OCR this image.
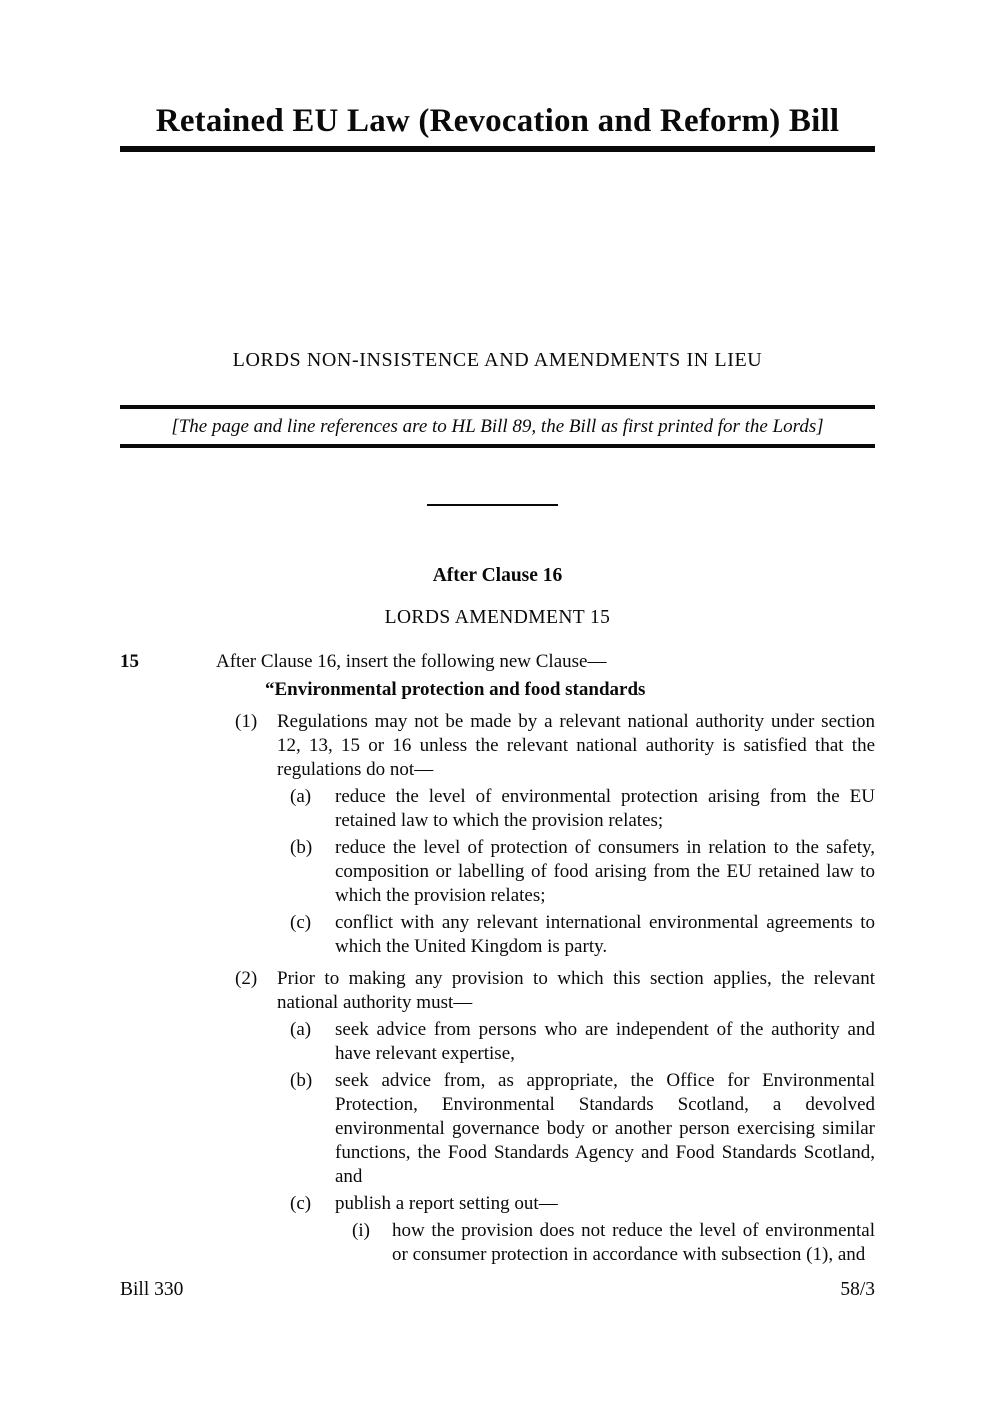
Retained EU Law (Revocation and Reform) Bill
LORDS NON-INSISTENCE AND AMENDMENTS IN LIEU
[The page and line references are to HL Bill 89, the Bill as first printed for the Lords]
After Clause 16
LORDS AMENDMENT 15
15	After Clause 16, insert the following new Clause—

“Environmental protection and food standards
(1) Regulations may not be made by a relevant national authority under section 12, 13, 15 or 16 unless the relevant national authority is satisfied that the regulations do not—
(a) reduce the level of environmental protection arising from the EU retained law to which the provision relates;
(b) reduce the level of protection of consumers in relation to the safety, composition or labelling of food arising from the EU retained law to which the provision relates;
(c) conflict with any relevant international environmental agreements to which the United Kingdom is party.
(2) Prior to making any provision to which this section applies, the relevant national authority must—
(a) seek advice from persons who are independent of the authority and have relevant expertise,
(b) seek advice from, as appropriate, the Office for Environmental Protection, Environmental Standards Scotland, a devolved environmental governance body or another person exercising similar functions, the Food Standards Agency and Food Standards Scotland, and
(c) publish a report setting out—
(i) how the provision does not reduce the level of environmental or consumer protection in accordance with subsection (1), and
Bill 330	58/3
